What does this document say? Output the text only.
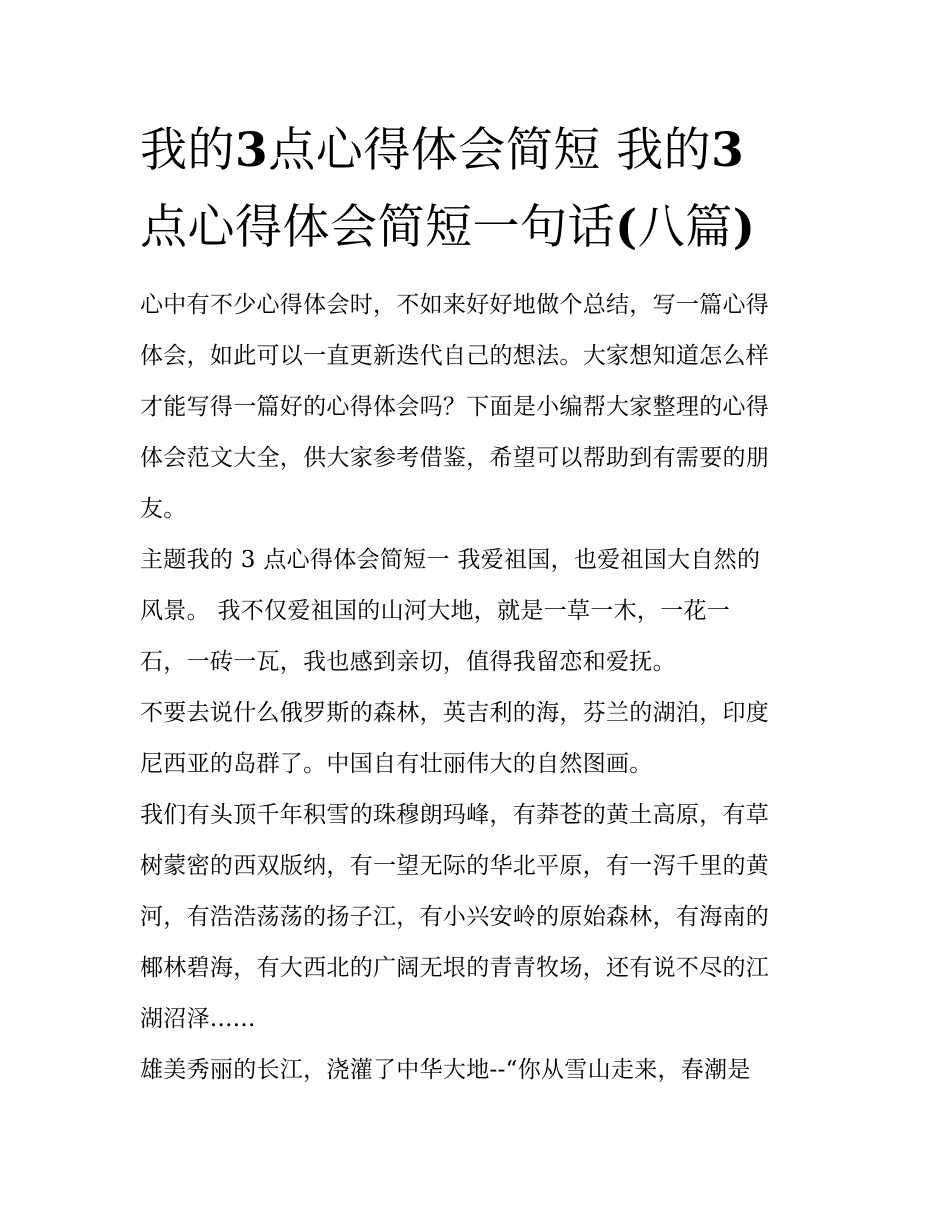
我的3点心得体会简短 我的3
点心得体会简短一句话(八篇)

心中有不少心得体会时，不如来好好地做个总结，写一篇心得
体会，如此可以一直更新迭代自己的想法。大家想知道怎么样
才能写得一篇好的心得体会吗？下面是小编帮大家整理的心得
体会范文大全，供大家参考借鉴，希望可以帮助到有需要的朋
友。

主题我的 3 点心得体会简短一 我爱祖国，也爱祖国大自然的
风景。 我不仅爱祖国的山河大地，就是一草一木，一花一
石，一砖一瓦，我也感到亲切，值得我留恋和爱抚。

不要去说什么俄罗斯的森林，英吉利的海，芬兰的湖泊，印度
尼西亚的岛群了。中国自有壮丽伟大的自然图画。

我们有头顶千年积雪的珠穆朗玛峰，有莽苍的黄土高原，有草
树蒙密的西双版纳，有一望无际的华北平原，有一泻千里的黄
河，有浩浩荡荡的扬子江，有小兴安岭的原始森林，有海南的
椰林碧海，有大西北的广阔无垠的青青牧场，还有说不尽的江
湖沼泽......

雄美秀丽的长江，浇灌了中华大地--“你从雪山走来，春潮是
